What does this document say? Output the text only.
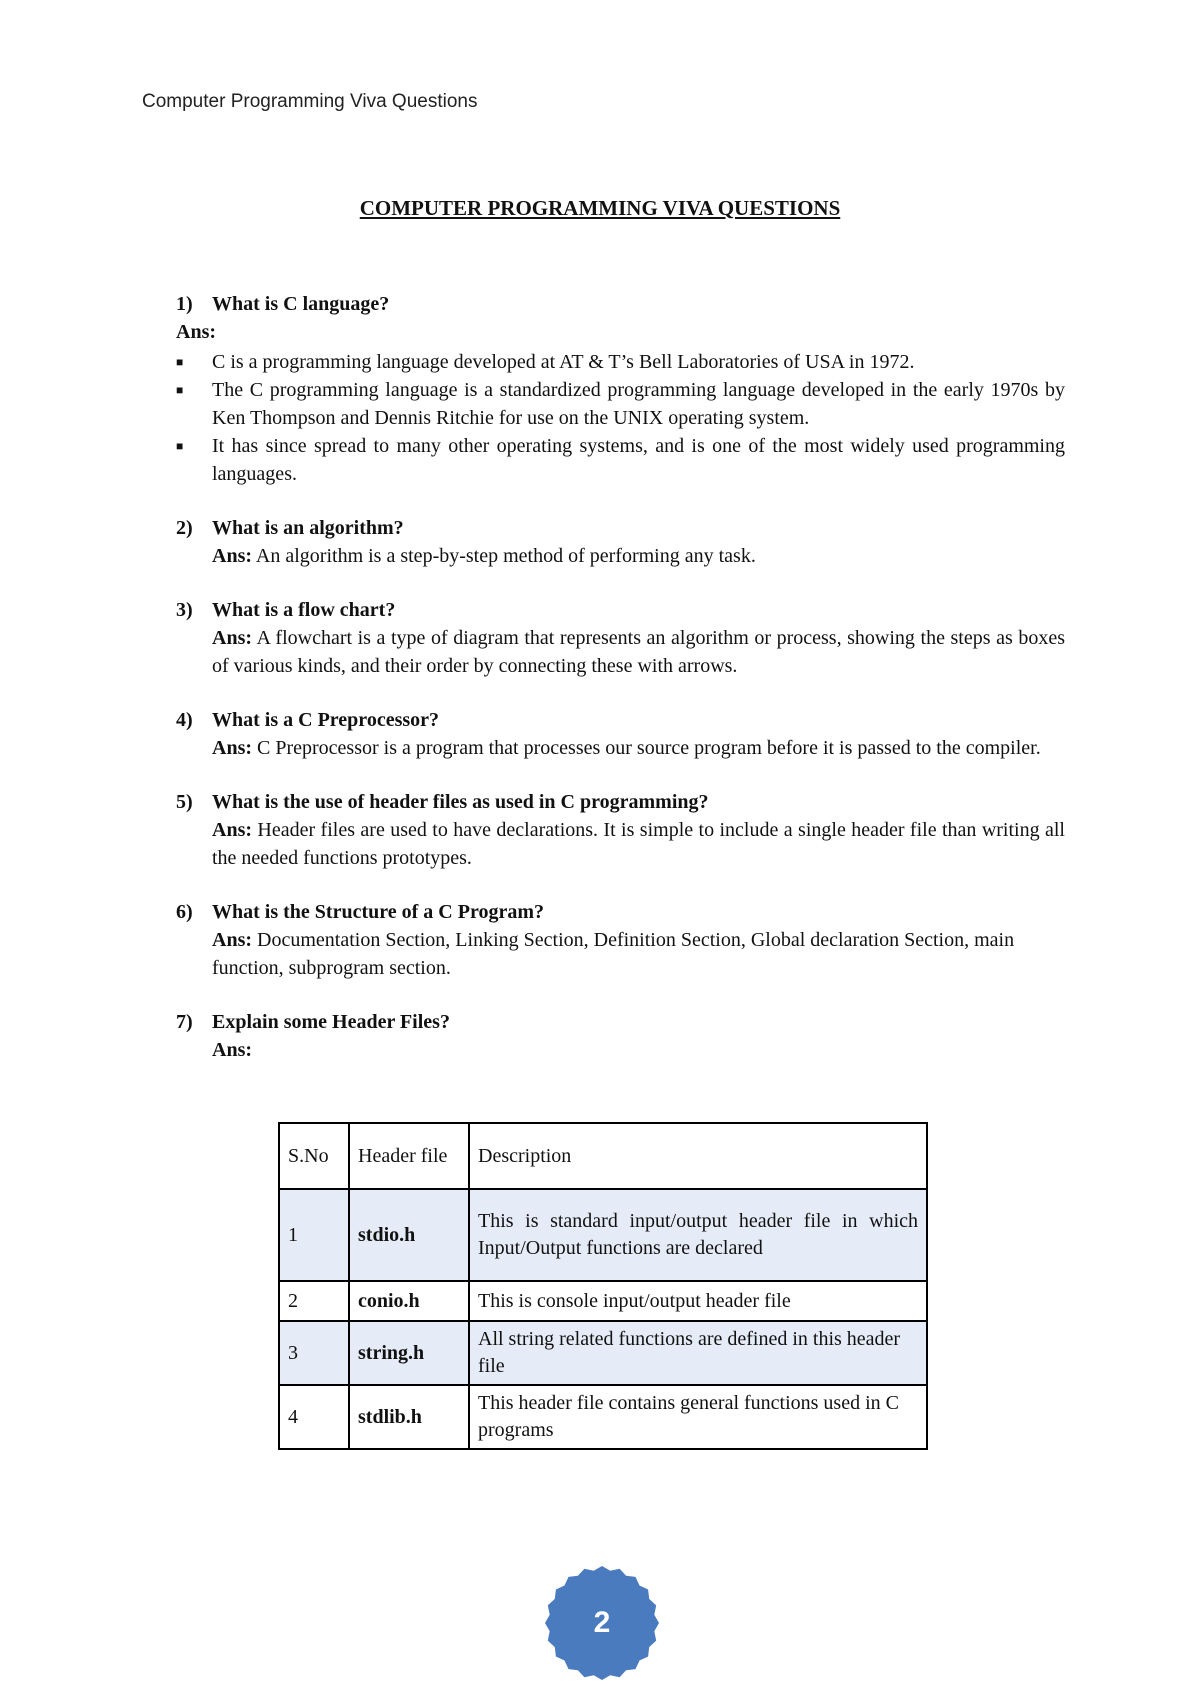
Computer Programming Viva Questions
COMPUTER PROGRAMMING VIVA QUESTIONS
1) What is C language?
Ans:
■	C is a programming language developed at AT & T’s Bell Laboratories of USA in 1972.
■	The C programming language is a standardized programming language developed in the early 1970s by Ken Thompson and Dennis Ritchie for use on the UNIX operating system.
■	It has since spread to many other operating systems, and is one of the most widely used programming languages.
2) What is an algorithm?
Ans: An algorithm is a step-by-step method of performing any task.
3) What is a flow chart?
Ans: A flowchart is a type of diagram that represents an algorithm or process, showing the steps as boxes of various kinds, and their order by connecting these with arrows.
4) What is a C Preprocessor?
Ans: C Preprocessor is a program that processes our source program before it is passed to the compiler.
5) What is the use of header files as used in C programming?
Ans: Header files are used to have declarations. It is simple to include a single header file than writing all the needed functions prototypes.
6) What is the Structure of a C Program?
Ans: Documentation Section, Linking Section, Definition Section, Global declaration Section, main function, subprogram section.
7) Explain some Header Files?
Ans:
S.No	Header file	Description
1	stdio.h	This is standard input/output header file in which Input/Output functions are declared
2	conio.h	This is console input/output header file
3	string.h	All string related functions are defined in this header file
4	stdlib.h	This header file contains general functions used in C programs
2
